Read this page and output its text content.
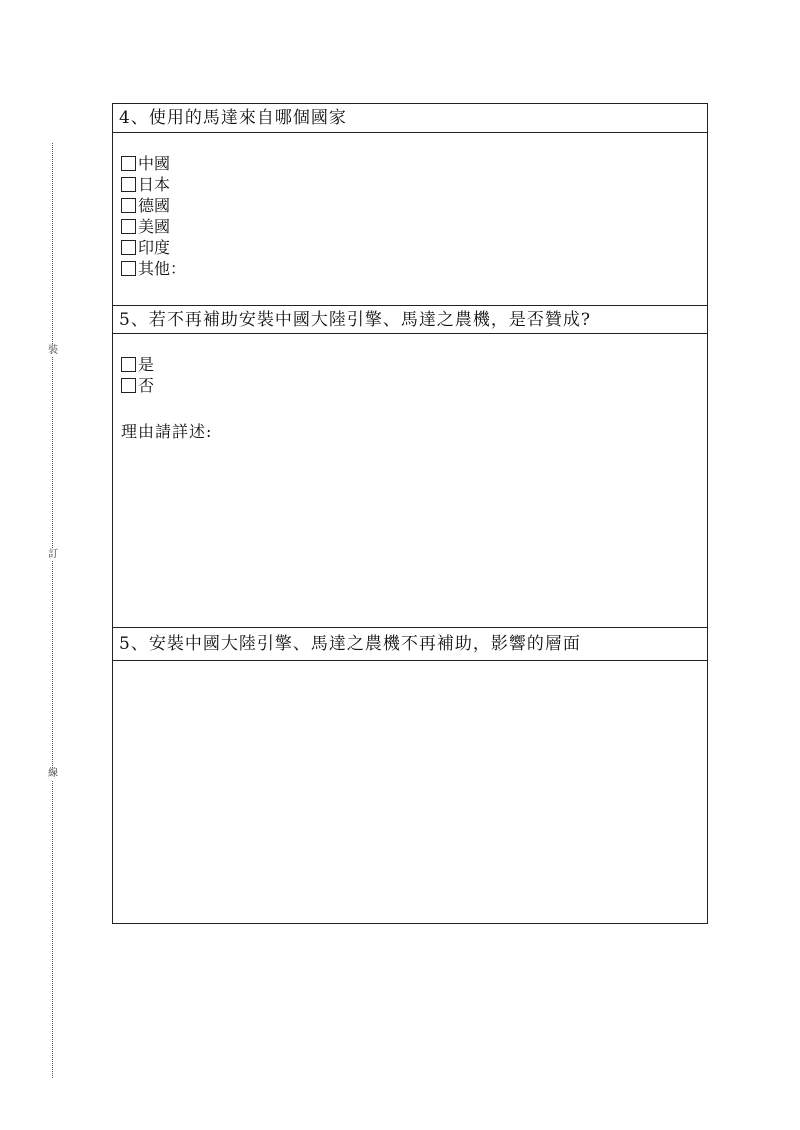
裝
訂
線
4、使用的馬達來自哪個國家
中國
日本
德國
美國
印度
其他：
5、若不再補助安裝中國大陸引擎、馬達之農機，是否贊成?
是
否
理由請詳述:
5、安裝中國大陸引擎、馬達之農機不再補助，影響的層面
